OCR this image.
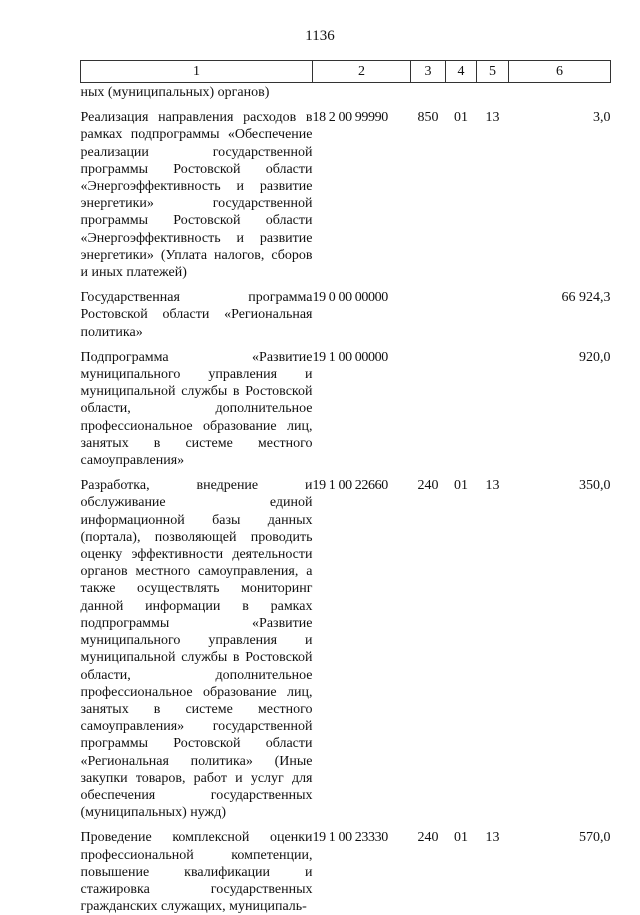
1136
1	2	3	4	5	6
ных (муниципальных) органов)					
Реализация направления расходов в рамках подпрограммы «Обеспечение реализации государственной программы Ростовской области «Энергоэффективность и развитие энергетики» государственной программы Ростовской области «Энергоэффективность и развитие энергетики» (Уплата налогов, сборов и иных платежей)	18 2 00 99990	850	01	13	3,0
Государственная программа Ростовской области «Региональная политика»	19 0 00 00000				66 924,3
Подпрограмма «Развитие муниципального управления и муниципальной службы в Ростовской области, дополнительное профессиональное образование лиц, занятых в системе местного самоуправления»	19 1 00 00000				920,0
Разработка, внедрение и обслуживание единой информационной базы данных (портала), позволяющей проводить оценку эффективности деятельности органов местного самоуправления, а также осуществлять мониторинг данной информации в рамках подпрограммы «Развитие муниципального управления и муниципальной службы в Ростовской области, дополнительное профессиональное образование лиц, занятых в системе местного самоуправления» государственной программы Ростовской области «Региональная политика» (Иные закупки товаров, работ и услуг для обеспечения государственных (муниципальных) нужд)	19 1 00 22660	240	01	13	350,0
Проведение комплексной оценки профессиональной компетенции, повышение квалификации и стажировка государственных гражданских служащих, муниципаль-	19 1 00 23330	240	01	13	570,0
